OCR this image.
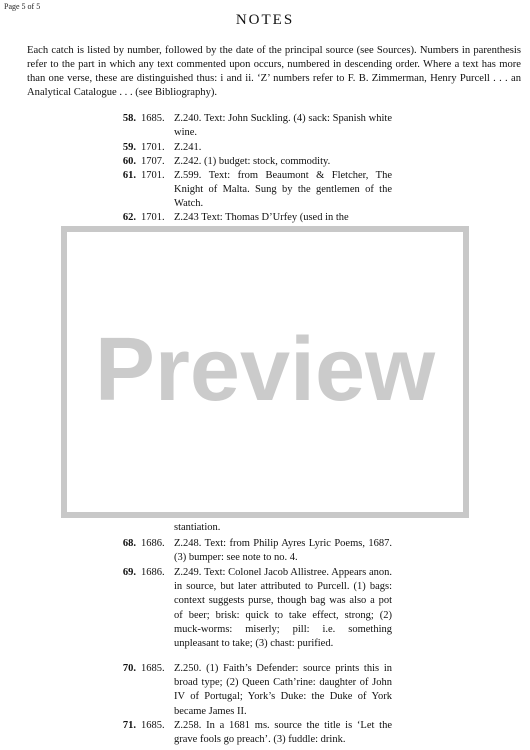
Page 5 of 5
NOTES
Each catch is listed by number, followed by the date of the principal source (see Sources). Numbers in parenthesis refer to the part in which any text commented upon occurs, numbered in descending order. Where a text has more than one verse, these are distinguished thus: i and ii. ‘Z’ numbers refer to F. B. Zimmerman, Henry Purcell . . . an Analytical Catalogue . . . (see Bibliography).
58. 1685. Z.240. Text: John Suckling. (4) sack: Spanish white wine.
59. 1701. Z.241.
60. 1707. Z.242. (1) budget: stock, commodity.
61. 1701. Z.599. Text: from Beaumont & Fletcher, The Knight of Malta. Sung by the gentlemen of the Watch.
62. 1701. Z.243 Text: Thomas D’Urfey (used in the
stantiation.
68. 1686. Z.248. Text: from Philip Ayres Lyric Poems, 1687. (3) bumper: see note to no. 4.
69. 1686. Z.249. Text: Colonel Jacob Allistree. Appears anon. in source, but later attributed to Purcell. (1) bags: context suggests purse, though bag was also a pot of beer; brisk: quick to take effect, strong; (2) muck-worms: miserly; pill: i.e. something unpleasant to take; (3) chast: purified.
70. 1685. Z.250. (1) Faith’s Defender: source prints this in broad type; (2) Queen Cath’rine: daughter of John IV of Portugal; York’s Duke: the Duke of York became James II.
71. 1685. Z.258. In a 1681 ms. source the title is ‘Let the grave fools go preach’. (3) fuddle: drink.
Preview
